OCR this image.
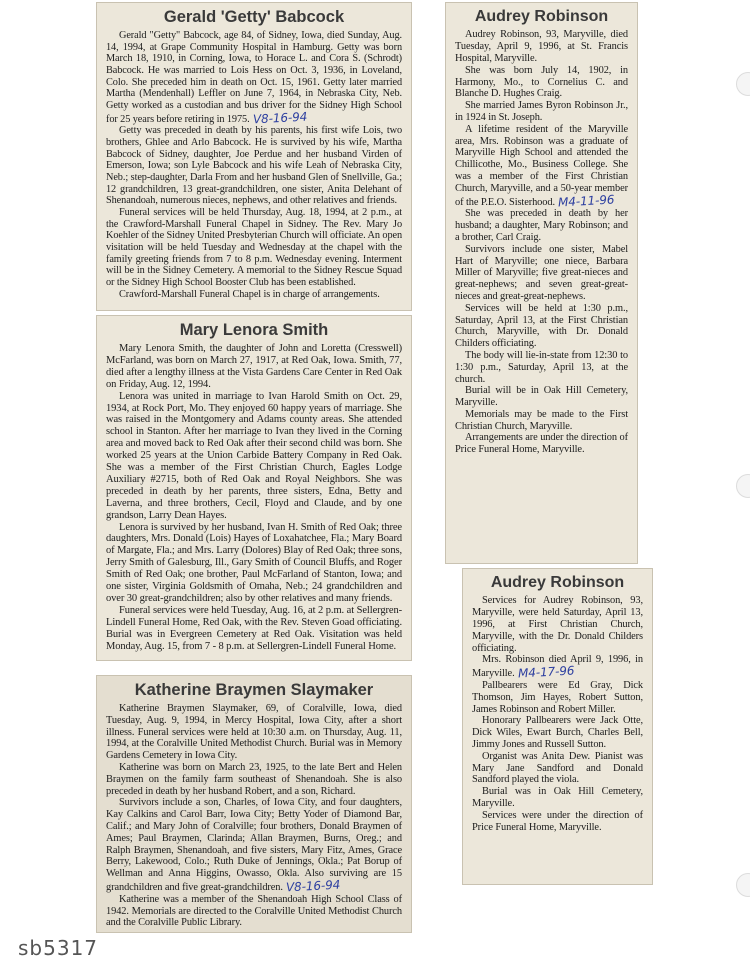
Gerald 'Getty' Babcock

Gerald "Getty" Babcock, age 84, of Sidney, Iowa, died Sunday, Aug. 14, 1994, at Grape Community Hospital in Hamburg. Getty was born March 18, 1910, in Corning, Iowa, to Horace L. and Cora S. (Schrodt) Babcock. He was married to Lois Hess on Oct. 3, 1936, in Loveland, Colo. She preceded him in death on Oct. 15, 1961. Getty later married Martha (Mendenhall) Leffler on June 7, 1964, in Nebraska City, Neb. Getty worked as a custodian and bus driver for the Sidney High School for 25 years before retiring in 1975. V8-16-94

Getty was preceded in death by his parents, his first wife Lois, two brothers, Ghlee and Arlo Babcock. He is survived by his wife, Martha Babcock of Sidney, daughter, Joe Perdue and her husband Virden of Emerson, Iowa; son Lyle Babcock and his wife Leah of Nebraska City, Neb.; step-daughter, Darla From and her husband Glen of Snellville, Ga.; 12 grandchildren, 13 great-grandchildren, one sister, Anita Delehant of Shenandoah, numerous nieces, nephews, and other relatives and friends.

Funeral services will be held Thursday, Aug. 18, 1994, at 2 p.m., at the Crawford-Marshall Funeral Chapel in Sidney. The Rev. Mary Jo Koehler of the Sidney United Presbyterian Church will officiate. An open visitation will be held Tuesday and Wednesday at the chapel with the family greeting friends from 7 to 8 p.m. Wednesday evening. Interment will be in the Sidney Cemetery. A memorial to the Sidney Rescue Squad or the Sidney High School Booster Club has been established.

Crawford-Marshall Funeral Chapel is in charge of arrangements.

Mary Lenora Smith

Mary Lenora Smith, the daughter of John and Loretta (Cresswell) McFarland, was born on March 27, 1917, at Red Oak, Iowa. Smith, 77, died after a lengthy illness at the Vista Gardens Care Center in Red Oak on Friday, Aug. 12, 1994.

Lenora was united in marriage to Ivan Harold Smith on Oct. 29, 1934, at Rock Port, Mo. They enjoyed 60 happy years of marriage. She was raised in the Montgomery and Adams county areas. She attended school in Stanton. After her marriage to Ivan they lived in the Corning area and moved back to Red Oak after their second child was born. She worked 25 years at the Union Carbide Battery Company in Red Oak. She was a member of the First Christian Church, Eagles Lodge Auxiliary #2715, both of Red Oak and Royal Neighbors. She was preceded in death by her parents, three sisters, Edna, Betty and Laverna, and three brothers, Cecil, Floyd and Claude, and by one grandson, Larry Dean Hayes.

Lenora is survived by her husband, Ivan H. Smith of Red Oak; three daughters, Mrs. Donald (Lois) Hayes of Loxahatchee, Fla.; Mary Board of Margate, Fla.; and Mrs. Larry (Dolores) Blay of Red Oak; three sons, Jerry Smith of Galesburg, Ill., Gary Smith of Council Bluffs, and Roger Smith of Red Oak; one brother, Paul McFarland of Stanton, Iowa; and one sister, Virginia Goldsmith of Omaha, Neb.; 24 grandchildren and over 30 great-grandchildren; also by other relatives and many friends.

Funeral services were held Tuesday, Aug. 16, at 2 p.m. at Sellergren-Lindell Funeral Home, Red Oak, with the Rev. Steven Goad officiating. Burial was in Evergreen Cemetery at Red Oak. Visitation was held Monday, Aug. 15, from 7 - 8 p.m. at Sellergren-Lindell Funeral Home.

Katherine Braymen Slaymaker

Katherine Braymen Slaymaker, 69, of Coralville, Iowa, died Tuesday, Aug. 9, 1994, in Mercy Hospital, Iowa City, after a short illness. Funeral services were held at 10:30 a.m. on Thursday, Aug. 11, 1994, at the Coralville United Methodist Church. Burial was in Memory Gardens Cemetery in Iowa City.

Katherine was born on March 23, 1925, to the late Bert and Helen Braymen on the family farm southeast of Shenandoah. She is also preceded in death by her husband Robert, and a son, Richard.

Survivors include a son, Charles, of Iowa City, and four daughters, Kay Calkins and Carol Barr, Iowa City; Betty Yoder of Diamond Bar, Calif.; and Mary John of Coralville; four brothers, Donald Braymen of Ames; Paul Braymen, Clarinda; Allan Braymen, Burns, Oreg.; and Ralph Braymen, Shenandoah, and five sisters, Mary Fitz, Ames, Grace Berry, Lakewood, Colo.; Ruth Duke of Jennings, Okla.; Pat Borup of Wellman and Anna Higgins, Owasso, Okla. Also surviving are 15 grandchildren and five great-grandchildren. V8-16-94

Katherine was a member of the Shenandoah High School Class of 1942. Memorials are directed to the Coralville United Methodist Church and the Coralville Public Library.

Audrey Robinson

Audrey Robinson, 93, Maryville, died Tuesday, April 9, 1996, at St. Francis Hospital, Maryville.

She was born July 14, 1902, in Harmony, Mo., to Cornelius C. and Blanche D. Hughes Craig.

She married James Byron Robinson Jr., in 1924 in St. Joseph.

A lifetime resident of the Maryville area, Mrs. Robinson was a graduate of Maryville High School and attended the Chillicothe, Mo., Business College. She was a member of the First Christian Church, Maryville, and a 50-year member of the P.E.O. Sisterhood. M4-11-96

She was preceded in death by her husband; a daughter, Mary Robinson; and a brother, Carl Craig.

Survivors include one sister, Mabel Hart of Maryville; one niece, Barbara Miller of Maryville; five great-nieces and great-nephews; and seven great-great-nieces and great-great-nephews.

Services will be held at 1:30 p.m., Saturday, April 13, at the First Christian Church, Maryville, with Dr. Donald Childers officiating.

The body will lie-in-state from 12:30 to 1:30 p.m., Saturday, April 13, at the church.

Burial will be in Oak Hill Cemetery, Maryville.

Memorials may be made to the First Christian Church, Maryville.

Arrangements are under the direction of Price Funeral Home, Maryville.

Audrey Robinson

Services for Audrey Robinson, 93, Maryville, were held Saturday, April 13, 1996, at First Christian Church, Maryville, with the Dr. Donald Childers officiating.

Mrs. Robinson died April 9, 1996, in Maryville. M4-17-96

Pallbearers were Ed Gray, Dick Thomson, Jim Hayes, Robert Sutton, James Robinson and Robert Miller.

Honorary Pallbearers were Jack Otte, Dick Wiles, Ewart Burch, Charles Bell, Jimmy Jones and Russell Sutton.

Organist was Anita Dew. Pianist was Mary Jane Sandford and Donald Sandford played the viola.

Burial was in Oak Hill Cemetery, Maryville.

Services were under the direction of Price Funeral Home, Maryville.

sb5317
